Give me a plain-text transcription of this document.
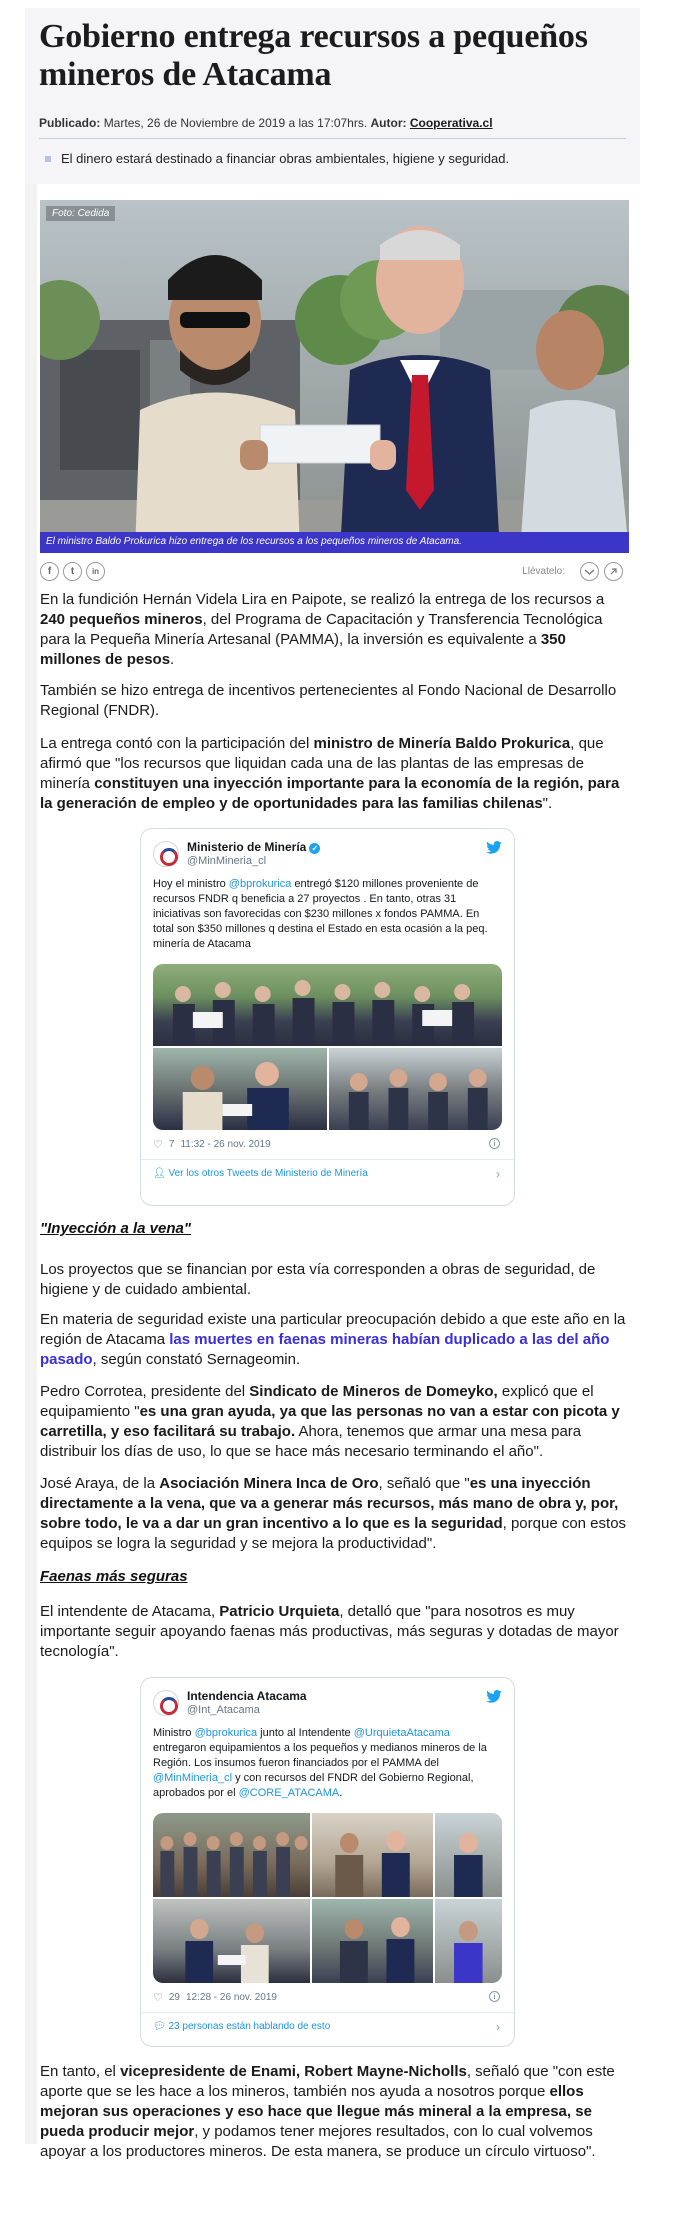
Gobierno entrega recursos a pequeños mineros de Atacama
Publicado: Martes, 26 de Noviembre de 2019 a las 17:07hrs. Autor: Cooperativa.cl
El dinero estará destinado a financiar obras ambientales, higiene y seguridad.
Foto: Cedida
El ministro Baldo Prokurica hizo entrega de los recursos a los pequeños mineros de Atacama.
f	t	in	Llévatelo:

En la fundición Hernán Videla Lira en Paipote, se realizó la entrega de los recursos a 240 pequeños mineros, del Programa de Capacitación y Transferencia Tecnológica para la Pequeña Minería Artesanal (PAMMA), la inversión es equivalente a 350 millones de pesos.

También se hizo entrega de incentivos pertenecientes al Fondo Nacional de Desarrollo Regional (FNDR).

La entrega contó con la participación del ministro de Minería Baldo Prokurica, que afirmó que "los recursos que liquidan cada una de las plantas de las empresas de minería constituyen una inyección importante para la economía de la región, para la generación de empleo y de oportunidades para las familias chilenas".

Ministerio de Minería ✓
@MinMineria_cl
Hoy el ministro @bprokurica entregó $120 millones proveniente de recursos FNDR q beneficia a 27 proyectos . En tanto, otras 31 iniciativas son favorecidas con $230 millones x fondos PAMMA. En total son $350 millones q destina el Estado en esta ocasión a la peq. minería de Atacama
♡ 7 11:32 - 26 nov. 2019	i
👤︎ Ver los otros Tweets de Ministerio de Minería	›
"Inyección a la vena"

Los proyectos que se financian por esta vía corresponden a obras de seguridad, de higiene y de cuidado ambiental.

En materia de seguridad existe una particular preocupación debido a que este año en la región de Atacama las muertes en faenas mineras habían duplicado a las del año pasado, según constató Sernageomin.

Pedro Corrotea, presidente del Sindicato de Mineros de Domeyko, explicó que el equipamiento "es una gran ayuda, ya que las personas no van a estar con picota y carretilla, y eso facilitará su trabajo. Ahora, tenemos que armar una mesa para distribuir los días de uso, lo que se hace más necesario terminando el año".

José Araya, de la Asociación Minera Inca de Oro, señaló que "es una inyección directamente a la vena, que va a generar más recursos, más mano de obra y, por, sobre todo, le va a dar un gran incentivo a lo que es la seguridad, porque con estos equipos se logra la seguridad y se mejora la productividad".

Faenas más seguras

El intendente de Atacama, Patricio Urquieta, detalló que "para nosotros es muy importante seguir apoyando faenas más productivas, más seguras y dotadas de mayor tecnología".

Intendencia Atacama
@Int_Atacama
Ministro @bprokurica junto al Intendente @UrquietaAtacama entregaron equipamientos a los pequeños y medianos mineros de la Región. Los insumos fueron financiados por el PAMMA del @MinMineria_cl y con recursos del FNDR del Gobierno Regional, aprobados por el @CORE_ATACAMA.
♡ 29 12:28 - 26 nov. 2019	i
💬︎ 23 personas están hablando de esto	›

En tanto, el vicepresidente de Enami, Robert Mayne-Nicholls, señaló que "con este aporte que se les hace a los mineros, también nos ayuda a nosotros porque ellos mejoran sus operaciones y eso hace que llegue más mineral a la empresa, se pueda producir mejor, y podamos tener mejores resultados, con lo cual volvemos apoyar a los productores mineros. De esta manera, se produce un círculo virtuoso".
